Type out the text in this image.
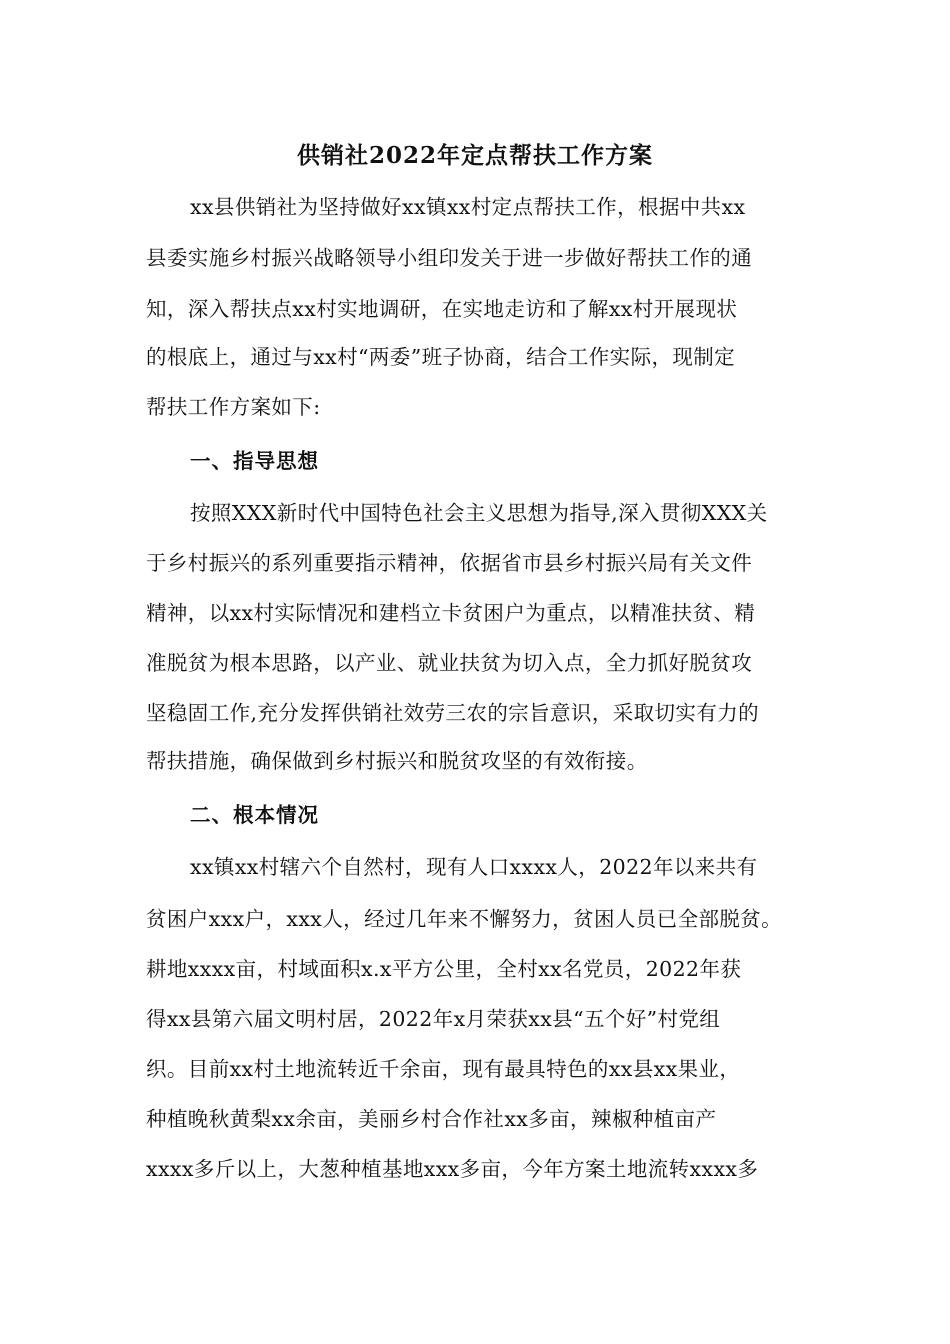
供销社2022年定点帮扶工作方案
xx县供销社为坚持做好xx镇xx村定点帮扶工作，根据中共xx
县委实施乡村振兴战略领导小组印发关于进一步做好帮扶工作的通
知，深入帮扶点xx村实地调研，在实地走访和了解xx村开展现状
的根底上，通过与xx村“两委”班子协商，结合工作实际，现制定
帮扶工作方案如下:
一、指导思想
按照XXX新时代中国特色社会主义思想为指导,深入贯彻XXX关
于乡村振兴的系列重要指示精神，依据省市县乡村振兴局有关文件
精神，以xx村实际情况和建档立卡贫困户为重点，以精准扶贫、精
准脱贫为根本思路，以产业、就业扶贫为切入点，全力抓好脱贫攻
坚稳固工作,充分发挥供销社效劳三农的宗旨意识，采取切实有力的
帮扶措施，确保做到乡村振兴和脱贫攻坚的有效衔接。
二、根本情况
xx镇xx村辖六个自然村，现有人口xxxx人，2022年以来共有
贫困户xxx户，xxx人，经过几年来不懈努力，贫困人员已全部脱贫。
耕地xxxx亩，村域面积x.x平方公里，全村xx名党员，2022年获
得xx县第六届文明村居，2022年x月荣获xx县“五个好”村党组
织。目前xx村土地流转近千余亩，现有最具特色的xx县xx果业，
种植晚秋黄梨xx余亩，美丽乡村合作社xx多亩，辣椒种植亩产
xxxx多斤以上，大葱种植基地xxx多亩，今年方案土地流转xxxx多
